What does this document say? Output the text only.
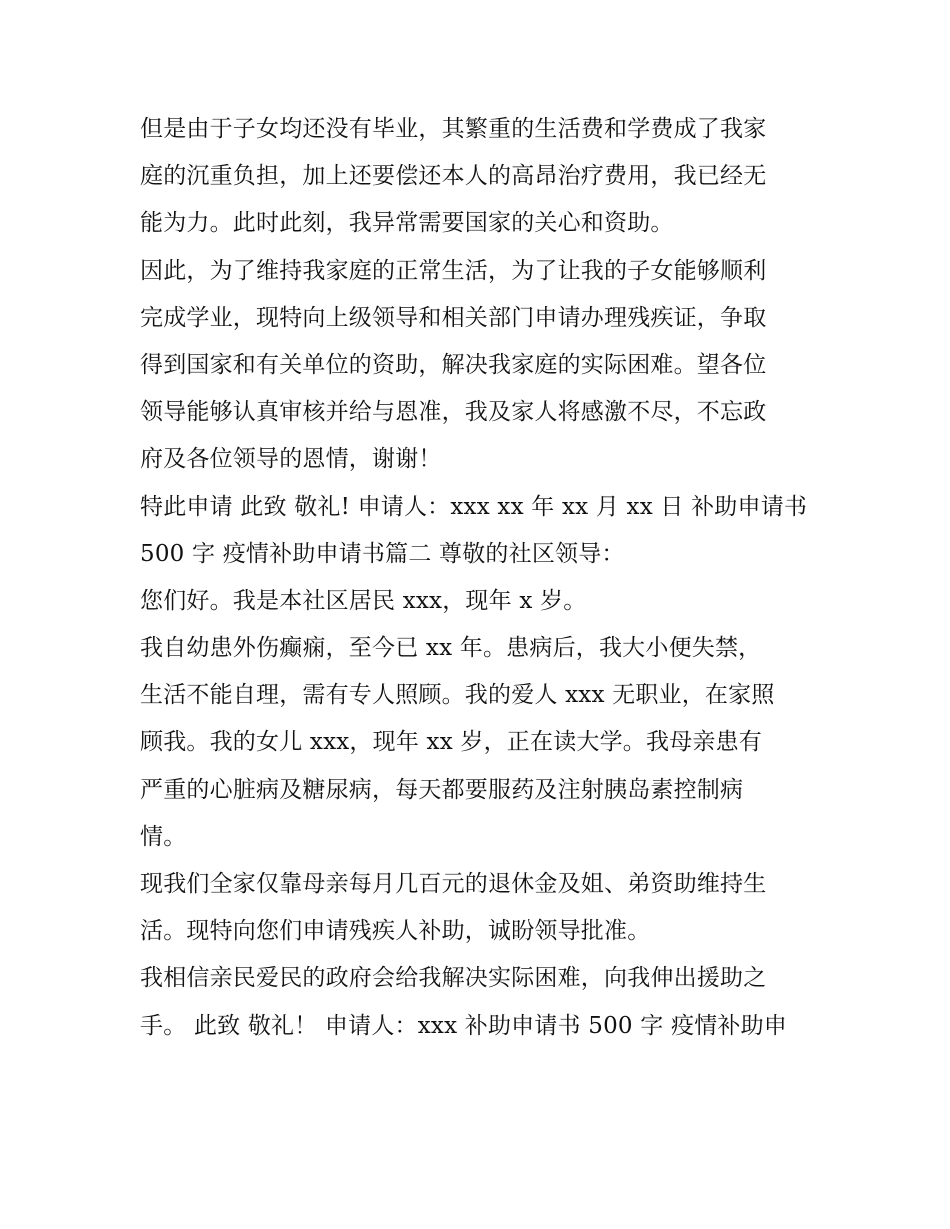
但是由于子女均还没有毕业，其繁重的生活费和学费成了我家
庭的沉重负担，加上还要偿还本人的高昂治疗费用，我已经无
能为力。此时此刻，我异常需要国家的关心和资助。
因此，为了维持我家庭的正常生活，为了让我的子女能够顺利
完成学业，现特向上级领导和相关部门申请办理残疾证，争取
得到国家和有关单位的资助，解决我家庭的实际困难。望各位
领导能够认真审核并给与恩准，我及家人将感激不尽，不忘政
府及各位领导的恩情，谢谢！
特此申请 此致 敬礼! 申请人：xxx xx 年 xx 月 xx 日 补助申请书
500 字 疫情补助申请书篇二 尊敬的社区领导：
您们好。我是本社区居民 xxx，现年 x 岁。
我自幼患外伤癫痫，至今已 xx 年。患病后，我大小便失禁，
生活不能自理，需有专人照顾。我的爱人 xxx 无职业，在家照
顾我。我的女儿 xxx，现年 xx 岁，正在读大学。我母亲患有
严重的心脏病及糖尿病，每天都要服药及注射胰岛素控制病
情。
现我们全家仅靠母亲每月几百元的退休金及姐、弟资助维持生
活。现特向您们申请残疾人补助，诚盼领导批准。
我相信亲民爱民的政府会给我解决实际困难，向我伸出援助之
手。 此致 敬礼！ 申请人：xxx 补助申请书 500 字 疫情补助申
